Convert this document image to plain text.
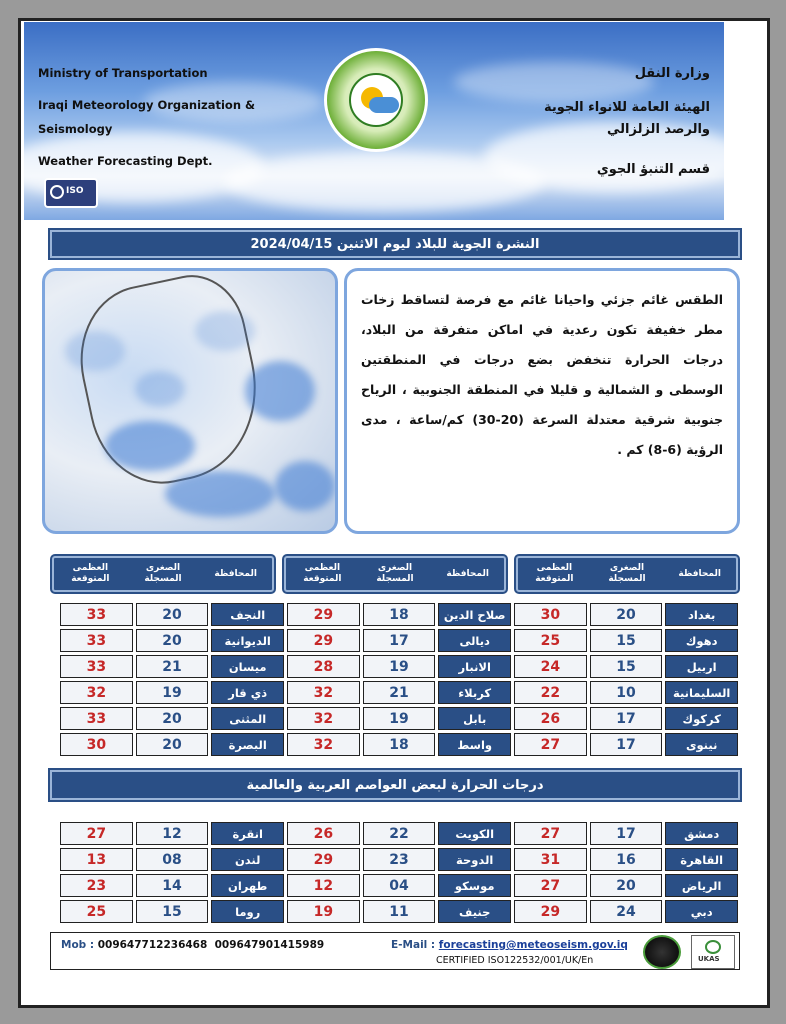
Ministry of Transportation
Iraqi Meteorology Organization &
Seismology
Weather Forecasting Dept.
وزارة النقل
الهيئة العامة للانواء الجوية
والرصد الزلزالي
قسم التنبؤ الجوي
ISO
النشرة الجوية للبلاد ليوم الاثنين 2024/04/15

الطقس غائم جزئي واحيانا غائم مع فرصة لتساقط زخات مطر خفيفة تكون رعدية في اماكن متفرقة من البلاد، درجات الحرارة تنخفض بضع درجات في المنطقتين الوسطى و الشمالية و قليلا في المنطقة الجنوبية ، الرياح جنوبية شرقية معتدلة السرعة (20-30) كم/ساعة ، مدى الرؤية (6-8) كم .

المحافظة
الصغرى المسجلة
العظمى المتوقعة
المحافظة
الصغرى المسجلة
العظمى المتوقعة
المحافظة
الصغرى المسجلة
العظمى المتوقعة
بغداد
20
30
صلاح الدين
18
29
النجف
20
33
دهوك
15
25
ديالى
17
29
الديوانية
20
33
اربيل
15
24
الانبار
19
28
ميسان
21
33
السليمانية
10
22
كربلاء
21
32
ذي قار
19
32
كركوك
17
26
بابل
19
32
المثنى
20
33
نينوى
17
27
واسط
18
32
البصرة
20
30
درجات الحرارة لبعض العواصم العربية والعالمية
دمشق
17
27
الكويت
22
26
انقرة
12
27
القاهرة
16
31
الدوحة
23
29
لندن
08
13
الرياض
20
27
موسكو
04
12
طهران
14
23
دبي
24
29
جنيف
11
19
روما
15
25
Mob : 009647712236468  009647901415989	E-Mail : forecasting@meteoseism.gov.iq
CERTIFIED ISO122532/001/UK/En	UKAS
